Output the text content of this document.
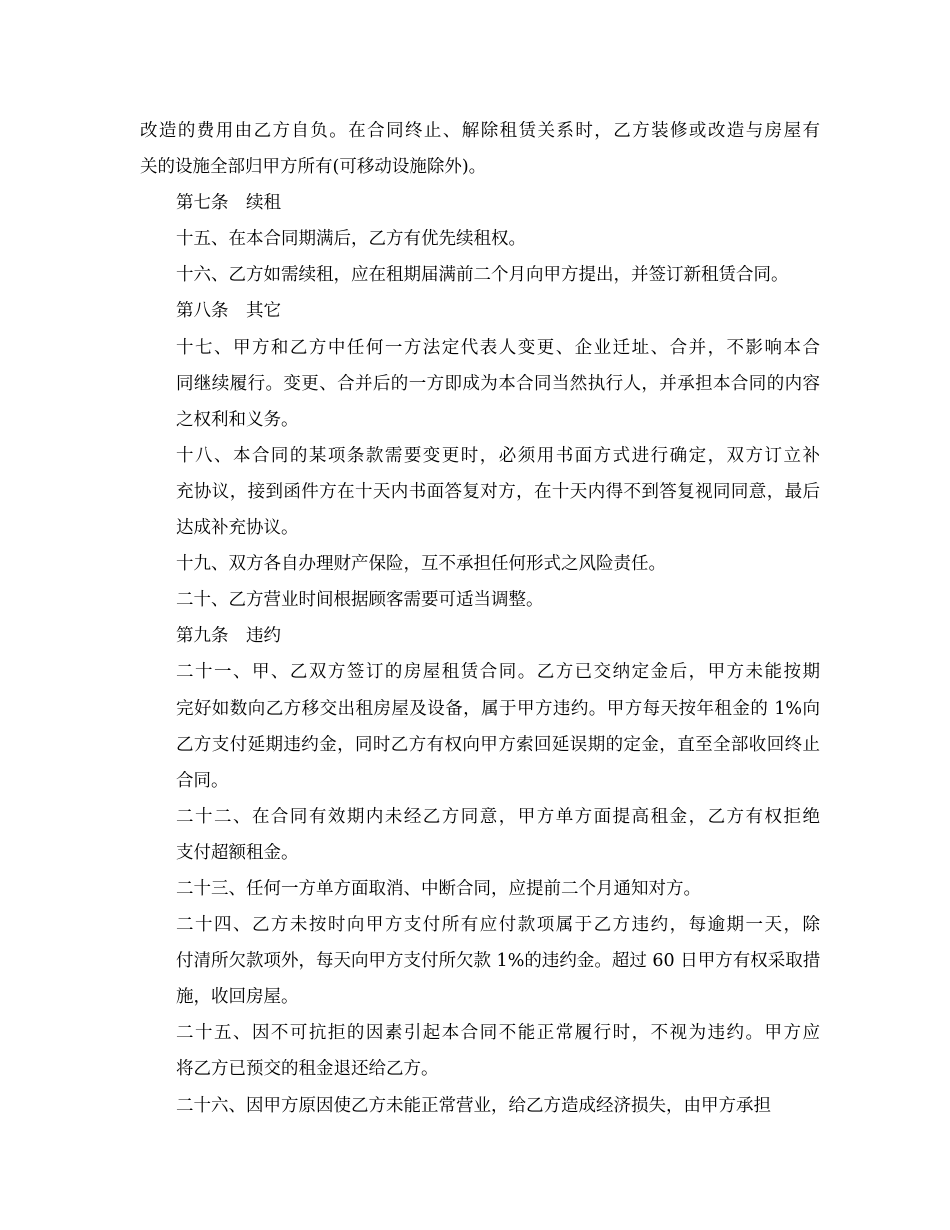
改造的费用由乙方自负。在合同终止、解除租赁关系时，乙方装修或改造与房屋有
关的设施全部归甲方所有(可移动设施除外)。
第七条　续租
十五、在本合同期满后，乙方有优先续租权。
十六、乙方如需续租，应在租期届满前二个月向甲方提出，并签订新租赁合同。
第八条　其它
十七、甲方和乙方中任何一方法定代表人变更、企业迁址、合并，不影响本合
同继续履行。变更、合并后的一方即成为本合同当然执行人，并承担本合同的内容
之权利和义务。
十八、本合同的某项条款需要变更时，必须用书面方式进行确定，双方订立补
充协议，接到函件方在十天内书面答复对方，在十天内得不到答复视同同意，最后
达成补充协议。
十九、双方各自办理财产保险，互不承担任何形式之风险责任。
二十、乙方营业时间根据顾客需要可适当调整。
第九条　违约
二十一、甲、乙双方签订的房屋租赁合同。乙方已交纳定金后，甲方未能按期
完好如数向乙方移交出租房屋及设备，属于甲方违约。甲方每天按年租金的 1%向
乙方支付延期违约金，同时乙方有权向甲方索回延误期的定金，直至全部收回终止
合同。
二十二、在合同有效期内未经乙方同意，甲方单方面提高租金，乙方有权拒绝
支付超额租金。
二十三、任何一方单方面取消、中断合同，应提前二个月通知对方。
二十四、乙方未按时向甲方支付所有应付款项属于乙方违约，每逾期一天，除
付清所欠款项外，每天向甲方支付所欠款 1%的违约金。超过 60 日甲方有权采取措
施，收回房屋。
二十五、因不可抗拒的因素引起本合同不能正常履行时，不视为违约。甲方应
将乙方已预交的租金退还给乙方。
二十六、因甲方原因使乙方未能正常营业，给乙方造成经济损失，由甲方承担
